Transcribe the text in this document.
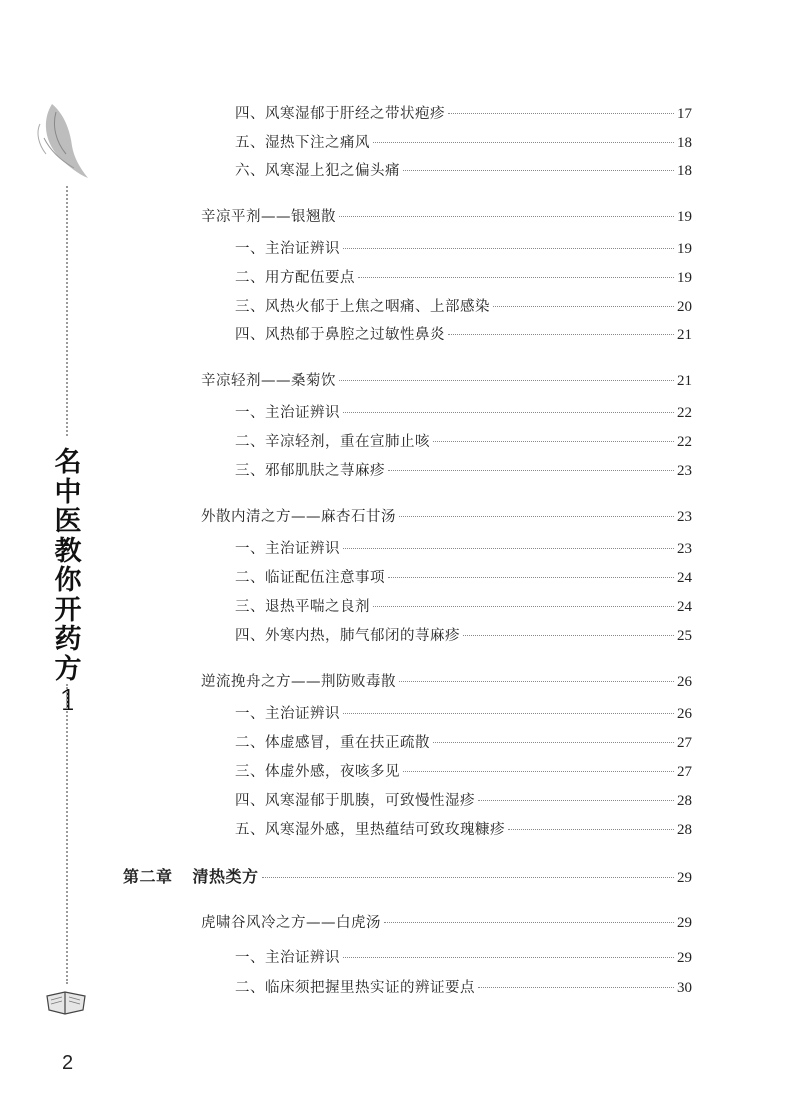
名
中
医
教
你
开
药
方
1
2
四、风寒湿郁于肝经之带状疱疹	17
五、湿热下注之痛风	18
六、风寒湿上犯之偏头痛	18
辛凉平剂——银翘散	19
一、主治证辨识	19
二、用方配伍要点	19
三、风热火郁于上焦之咽痛、上部感染	20
四、风热郁于鼻腔之过敏性鼻炎	21
辛凉轻剂——桑菊饮	21
一、主治证辨识	22
二、辛凉轻剂，重在宣肺止咳	22
三、邪郁肌肤之荨麻疹	23
外散内清之方——麻杏石甘汤	23
一、主治证辨识	23
二、临证配伍注意事项	24
三、退热平喘之良剂	24
四、外寒内热，肺气郁闭的荨麻疹	25
逆流挽舟之方——荆防败毒散	26
一、主治证辨识	26
二、体虚感冒，重在扶正疏散	27
三、体虚外感，夜咳多见	27
四、风寒湿郁于肌腠，可致慢性湿疹	28
五、风寒湿外感，里热蕴结可致玫瑰糠疹	28
第二章 清热类方	29
虎啸谷风冷之方——白虎汤	29
一、主治证辨识	29
二、临床须把握里热实证的辨证要点	30
